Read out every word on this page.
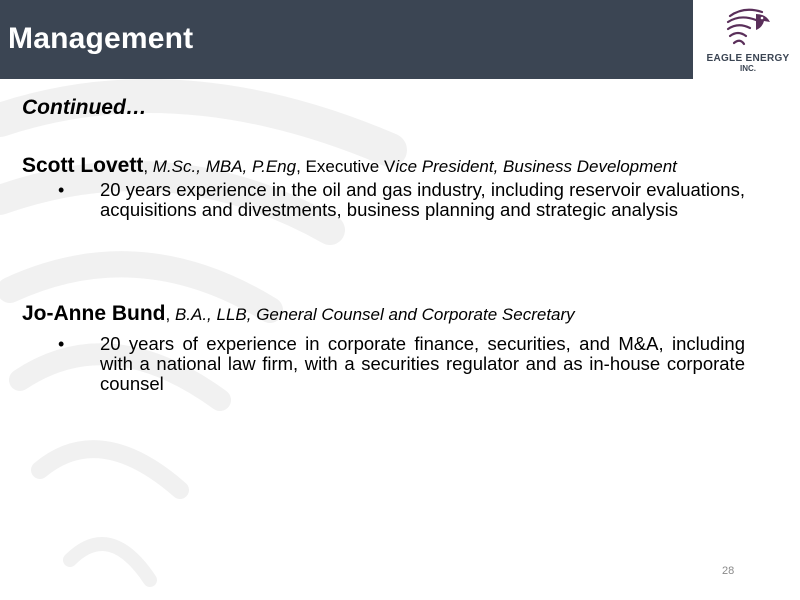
Management
EAGLE ENERGY
INC.
Continued…
Scott Lovett, M.Sc., MBA, P.Eng, Executive Vice President, Business Development
• 20 years experience in the oil and gas industry, including reservoir evaluations, acquisitions and divestments, business planning and strategic analysis
Jo-Anne Bund, B.A., LLB, General Counsel and Corporate Secretary
• 20 years of experience in corporate finance, securities, and M&A, including with a national law firm, with a securities regulator and as in-house corporate counsel
28
